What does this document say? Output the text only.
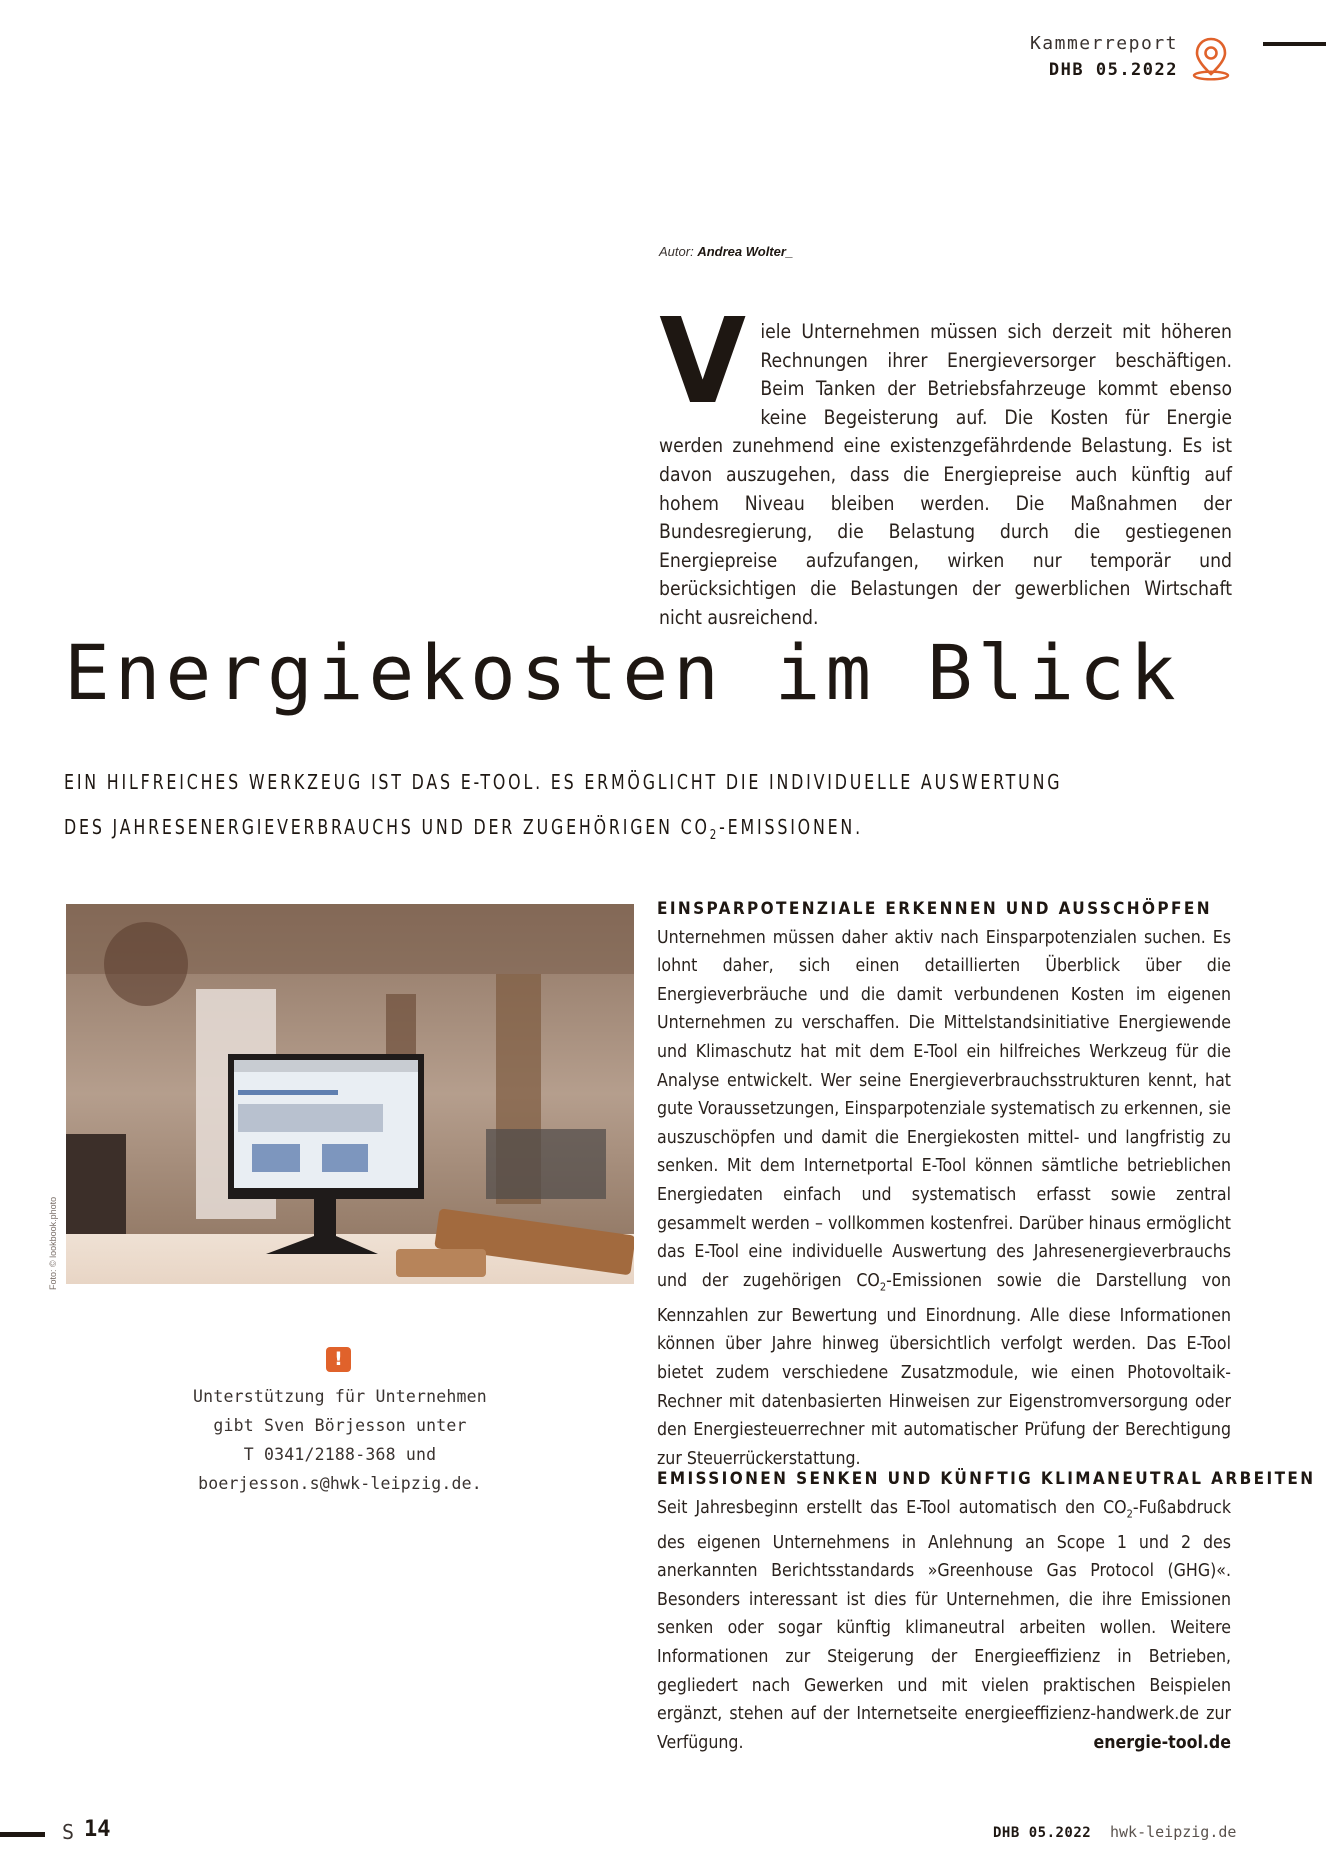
Kammerreport
DHB 05.2022
Autor: Andrea Wolter_
Viele Unternehmen müssen sich derzeit mit höheren Rechnungen ihrer Energieversorger beschäftigen. Beim Tanken der Betriebsfahrzeuge kommt ebenso keine Begeisterung auf. Die Kosten für Energie werden zunehmend eine existenzgefährdende Belastung. Es ist davon auszugehen, dass die Energiepreise auch künftig auf hohem Niveau bleiben werden. Die Maßnahmen der Bundesregierung, die Belastung durch die gestiegenen Energiepreise aufzufangen, wirken nur temporär und berücksichtigen die Belastungen der gewerblichen Wirtschaft nicht ausreichend.
Energiekosten im Blick
EIN HILFREICHES WERKZEUG IST DAS E-TOOL. ES ERMÖGLICHT DIE INDIVIDUELLE AUSWERTUNG
DES JAHRESENERGIEVERBRAUCHS UND DER ZUGEHÖRIGEN $CO_2$-EMISSIONEN.
Foto: © lookbook.photo
!
Unterstützung für Unternehmen
gibt Sven Börjesson unter
T 0341/2188-368 und
boerjesson.s@hwk-leipzig.de.
EINSPARPOTENZIALE ERKENNEN UND AUSSCHÖPFEN
Unternehmen müssen daher aktiv nach Einsparpotenzialen suchen. Es lohnt daher, sich einen detaillierten Überblick über die Energieverbräuche und die damit verbundenen Kosten im eigenen Unternehmen zu verschaffen. Die Mittelstandsinitiative Energiewende und Klimaschutz hat mit dem E-Tool ein hilfreiches Werkzeug für die Analyse entwickelt. Wer seine Energieverbrauchsstrukturen kennt, hat gute Voraussetzungen, Einsparpotenziale systematisch zu erkennen, sie auszuschöpfen und damit die Energiekosten mittel- und langfristig zu senken. Mit dem Internetportal E-Tool können sämtliche betrieblichen Energiedaten einfach und systematisch erfasst sowie zentral gesammelt werden – vollkommen kostenfrei. Darüber hinaus ermöglicht das E-Tool eine individuelle Auswertung des Jahresenergieverbrauchs und der zugehörigen $CO_2$-Emissionen sowie die Darstellung von Kennzahlen zur Bewertung und Einordnung. Alle diese Informationen können über Jahre hinweg übersichtlich verfolgt werden. Das E-Tool bietet zudem verschiedene Zusatzmodule, wie einen Photovoltaik-Rechner mit datenbasierten Hinweisen zur Eigenstromversorgung oder den Energiesteuerrechner mit automatischer Prüfung der Berechtigung zur Steuerrückerstattung.
EMISSIONEN SENKEN UND KÜNFTIG KLIMANEUTRAL ARBEITEN
Seit Jahresbeginn erstellt das E-Tool automatisch den $CO_2$-Fußabdruck des eigenen Unternehmens in Anlehnung an Scope 1 und 2 des anerkannten Berichtsstandards »Greenhouse Gas Protocol (GHG)«. Besonders interessant ist dies für Unternehmen, die ihre Emissionen senken oder sogar künftig klimaneutral arbeiten wollen. Weitere Informationen zur Steigerung der Energieeffizienz in Betrieben, gegliedert nach Gewerken und mit vielen praktischen Beispielen ergänzt, stehen auf der Internetseite energieeffizienz-handwerk.de zur Verfügung.	energie-tool.de
S 14	DHB 05.2022 hwk-leipzig.de
